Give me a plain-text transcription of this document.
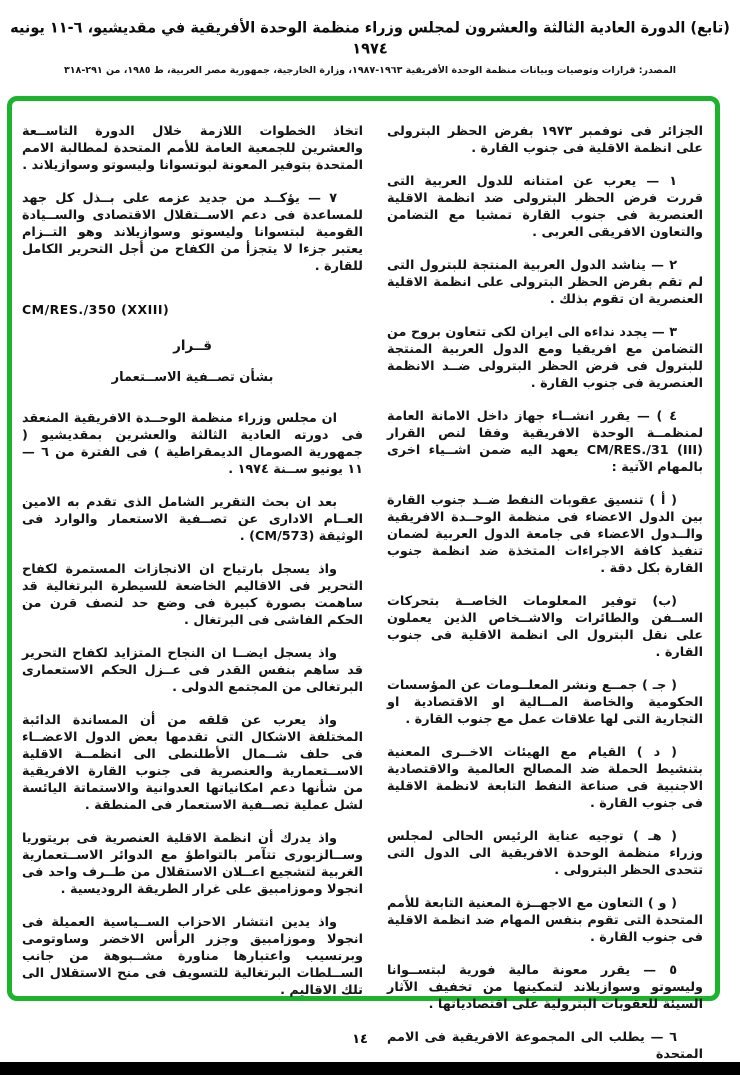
(تابع) الدورة العادية الثالثة والعشرون لمجلس وزراء منظمة الوحدة الأفريقية في مقديشيو، ٦-١١ يونيه ١٩٧٤
المصدر: قرارات وتوصيات وبيانات منظمة الوحدة الأفريقية ١٩٦٣-١٩٨٧، وزارة الخارجية، جمهورية مصر العربية، ط ١٩٨٥، من ٢٩١-٣١٨

الجزائر فى نوفمبر ١٩٧٣ بفرض الحظر البترولى على انظمة الاقلية فى جنوب القارة .

١ — يعرب عن امتنانه للدول العربية التى قررت فرض الحظر البترولى ضد انظمة الاقلية العنصرية فى جنوب القارة تمشيا مع التضامن والتعاون الافريقى العربى .

٢ — يناشد الدول العربية المنتجة للبترول التى لم تقم بفرض الحظر البترولى على انظمة الاقلية العنصرية ان تقوم بذلك .

٣ — يجدد نداءه الى ايران لكى تتعاون بروح من التضامن مع افريقيا ومع الدول العربية المنتجة للبترول فى فرض الحظر البترولى ضــد الانظمة العنصرية فى جنوب القارة .

٤ ) — يقرر انشــاء جهاز داخل الامانة العامة لمنظمــة الوحدة الافريقية وفقا لنص القرار CM/RES./31 (III) يعهد اليه ضمن اشــياء اخرى بالمهام الآتية :

( أ ) تنسيق عقوبات النفط ضــد جنوب القارة بين الدول الاعضاء فى منظمة الوحــدة الافريقية والــدول الاعضاء فى جامعة الدول العربية لضمان تنفيذ كافة الاجراءات المتخذة ضد انظمة جنوب القارة بكل دقة .

(ب) توفير المعلومات الخاصــة بتحركات الســفن والطائرات والاشــخاص الذين يعملون على نقل البترول الى انظمة الاقلية فى جنوب القارة .

( جـ ) جمــع ونشر المعلــومات عن المؤسسات الحكومية والخاصة المــالية او الاقتصادية او التجارية التى لها علاقات عمل مع جنوب القارة .

( د ) القيام مع الهيئات الاخــرى المعنية بتنشيط الحملة ضد المصالح العالمية والاقتصادية الاجنبية فى صناعة النفط التابعة لانظمة الاقلية فى جنوب القارة .

( هـ ) توجيه عناية الرئيس الحالى لمجلس وزراء منظمة الوحدة الافريقية الى الدول التى تتحدى الحظر البترولى .

( و ) التعاون مع الاجهــزة المعنية التابعة للأمم المتحدة التى تقوم بنفس المهام ضد انظمة الاقلية فى جنوب القارة .

٥ — يقرر معونة مالية فورية لبتســوانا وليسوتو وسوازيلاند لتمكينها من تخفيف الآثار السيئة للعقوبات البترولية على اقتصادياتها .

٦ — يطلب الى المجموعة الافريقية فى الامم المتحدة

اتخاذ الخطوات اللازمة خلال الدورة التاســعة والعشرين للجمعية العامة للأمم المتحدة لمطالبة الامم المتحدة بتوفير المعونة لبوتسوانا وليسوتو وسوازيلاند .

٧ — يؤكــد من جديد عزمه على بــذل كل جهد للمساعدة فى دعم الاســتقلال الاقتصادى والســيادة القومية لبتسوانا وليسوتو وسوازيلاند وهو التــزام يعتبر جزءا لا يتجزأ من الكفاح من أجل التحرير الكامل للقارة .

CM/RES./350 (XXIII)
قــرار
بشأن تصــفية الاســتعمار

ان مجلس وزراء منظمة الوحــدة الافريقية المنعقد فى دورته العادية الثالثة والعشرين بمقديشيو ( جمهورية الصومال الديمقراطية ) فى الفترة من ٦ — ١١ يونيو ســنة ١٩٧٤ .

بعد ان بحث التقرير الشامل الذى تقدم به الامين العــام الادارى عن تصــفية الاستعمار والوارد فى الوثيقة (CM/573) .

واذ يسجل بارتياح ان الانجازات المستمرة لكفاح التحرير فى الاقاليم الخاضعة للسيطرة البرتغالية قد ساهمت بصورة كبيرة فى وضع حد لنصف قرن من الحكم الفاشى فى البرتغال .

واذ يسجل ايضــا ان النجاح المتزايد لكفاح التحرير قد ساهم بنفس القدر فى عــزل الحكم الاستعمارى البرتغالى من المجتمع الدولى .

واذ يعرب عن قلقه من أن المساندة الدائبة المختلفة الاشكال التى تقدمها بعض الدول الاعضــاء فى حلف شــمال الأطلنطى الى انظمــة الاقلية الاســتعمارية والعنصرية فى جنوب القارة الافريقية من شأنها دعم امكانياتها العدوانية والاستماتة اليائسة لشل عملية تصــفية الاستعمار فى المنطقة .

واذ يدرك أن انظمة الاقلية العنصرية فى بريتوريا وســالزبورى تتآمر بالتواطؤ مع الدوائر الاســتعمارية الغربية لتشجيع اعــلان الاستقلال من طــرف واحد فى انجولا وموزامبيق على غرار الطريقة الروديسية .

واذ يدين انتشار الاحزاب الســياسية العميلة فى انجولا وموزامبيق وجزر الرأس الاخضر وساوتومى وبرنسيب واعتبارها مناورة مشــبوهة من جانب الســلطات البرتغالية للتسويف فى منح الاستقلال الى تلك الاقاليم .

١٤
